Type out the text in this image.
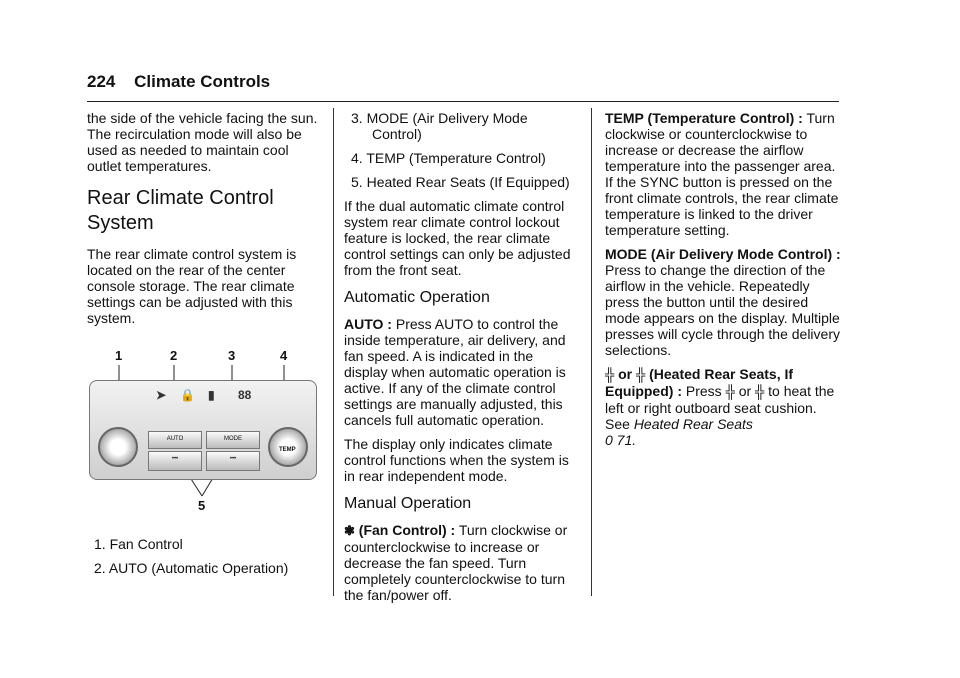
224 Climate Controls

the side of the vehicle facing the sun. The recirculation mode will also be used as needed to maintain cool outlet temperatures.

Rear Climate Control System

The rear climate control system is located on the rear of the center console storage. The rear climate settings can be adjusted with this system.

1	2	3	4
5
TEMP
AUTO	MODE
•••	•••
➤ 🔒 ▮ 88
1. Fan Control
2. AUTO (Automatic Operation)
3. MODE (Air Delivery Mode Control)
4. TEMP (Temperature Control)
5. Heated Rear Seats (If Equipped)

If the dual automatic climate control system rear climate control lockout feature is locked, the rear climate control settings can only be adjusted from the front seat.

Automatic Operation

AUTO : Press AUTO to control the inside temperature, air delivery, and fan speed. A is indicated in the display when automatic operation is active. If any of the climate control settings are manually adjusted, this cancels full automatic operation.

The display only indicates climate control functions when the system is in rear independent mode.

Manual Operation

❃ (Fan Control) : Turn clockwise or counterclockwise to increase or decrease the fan speed. Turn completely counterclockwise to turn the fan/power off.

TEMP (Temperature Control) : Turn clockwise or counterclockwise to increase or decrease the airflow temperature into the passenger area. If the SYNC button is pressed on the front climate controls, the rear climate temperature is linked to the driver temperature setting.

MODE (Air Delivery Mode Control) : Press to change the direction of the airflow in the vehicle. Repeatedly press the button until the desired mode appears on the display. Multiple presses will cycle through the delivery selections.

╬ or ╬ (Heated Rear Seats, If Equipped) : Press ╬ or ╬ to heat the left or right outboard seat cushion. See Heated Rear Seats
0 71.
